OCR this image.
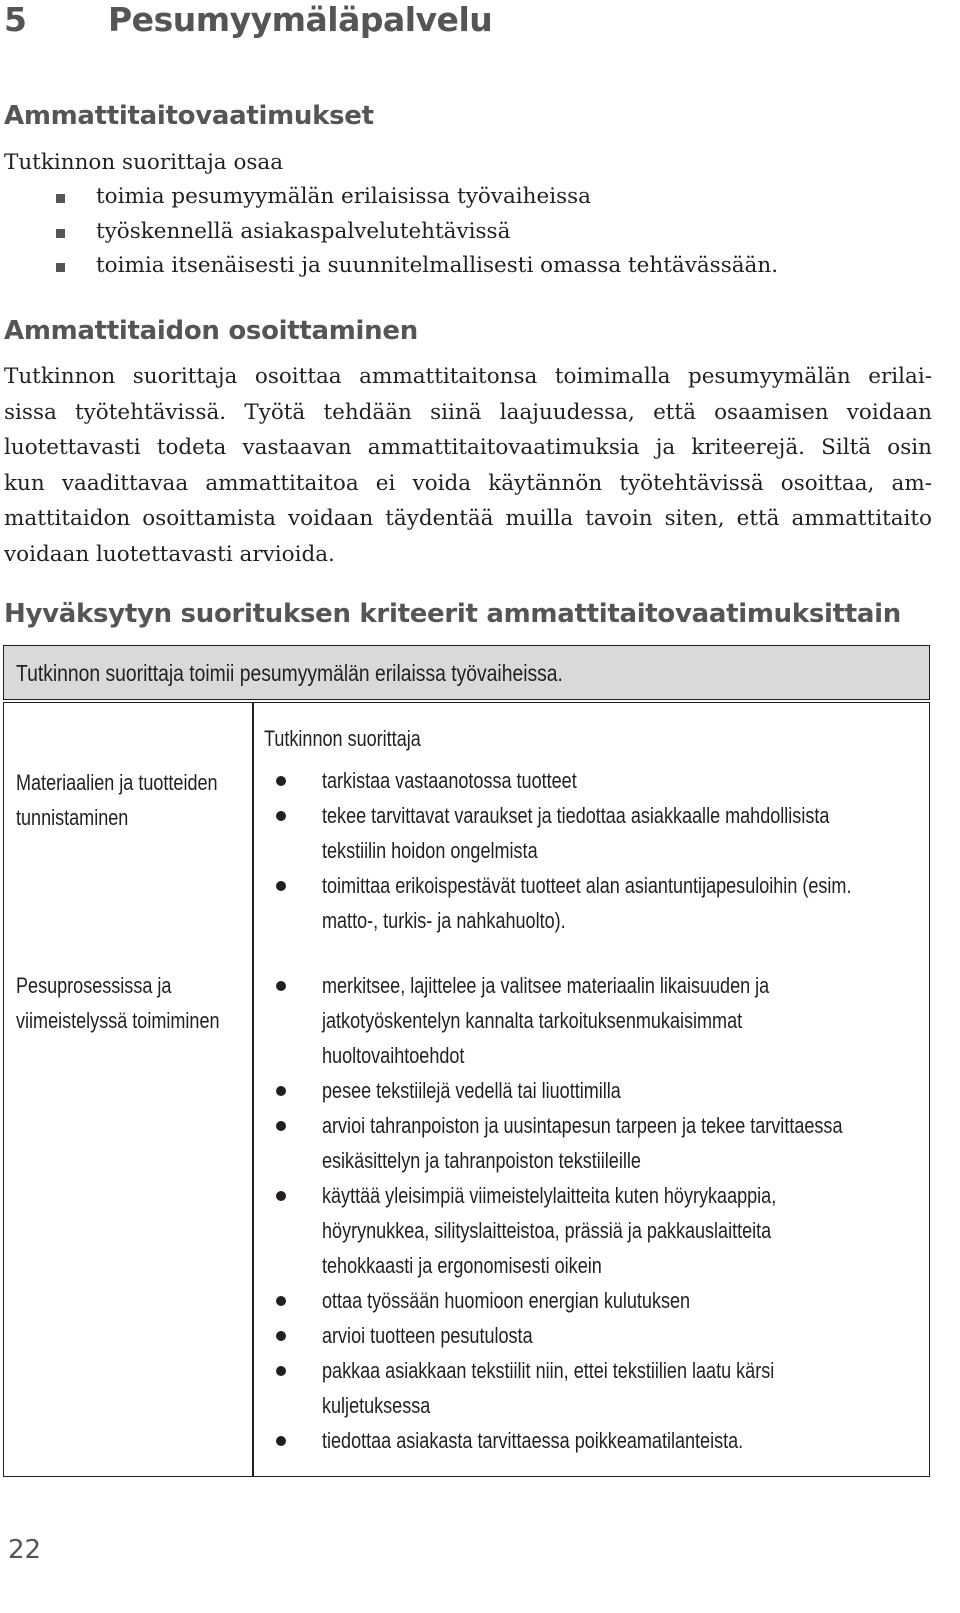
5 Pesumyymäläpalvelu
Ammattitaitovaatimukset
Tutkinnon suorittaja osaa
toimia pesumyymälän erilaisissa työvaiheissa
työskennellä asiakaspalvelutehtävissä
toimia itsenäisesti ja suunnitelmallisesti omassa tehtävässään.
Ammattitaidon osoittaminen
Tutkinnon suorittaja osoittaa ammattitaitonsa toimimalla pesumyymälän erilai-
sissa työtehtävissä. Työtä tehdään siinä laajuudessa, että osaamisen voidaan
luotettavasti todeta vastaavan ammattitaitovaatimuksia ja kriteerejä. Siltä osin
kun vaadittavaa ammattitaitoa ei voida käytännön työtehtävissä osoittaa, am-
mattitaidon osoittamista voidaan täydentää muilla tavoin siten, että ammattitaito
voidaan luotettavasti arvioida.
Hyväksytyn suorituksen kriteerit ammattitaitovaatimuksittain
Tutkinnon suorittaja toimii pesumyymälän erilaissa työvaiheissa.
Tutkinnon suorittaja
Materiaalien ja tuotteiden
tunnistaminen
tarkistaa vastaanotossa tuotteet
tekee tarvittavat varaukset ja tiedottaa asiakkaalle mahdollisista
tekstiilin hoidon ongelmista
toimittaa erikoispestävät tuotteet alan asiantuntijapesuloihin (esim.
matto-, turkis- ja nahkahuolto).
Pesuprosessissa ja
viimeistelyssä toimiminen
merkitsee, lajittelee ja valitsee materiaalin likaisuuden ja
jatkotyöskentelyn kannalta tarkoituksenmukaisimmat
huoltovaihtoehdot
pesee tekstiilejä vedellä tai liuottimilla
arvioi tahranpoiston ja uusintapesun tarpeen ja tekee tarvittaessa
esikäsittelyn ja tahranpoiston tekstiileille
käyttää yleisimpiä viimeistelylaitteita kuten höyrykaappia,
höyrynukkea, silityslaitteistoa, prässiä ja pakkauslaitteita
tehokkaasti ja ergonomisesti oikein
ottaa työssään huomioon energian kulutuksen
arvioi tuotteen pesutulosta
pakkaa asiakkaan tekstiilit niin, ettei tekstiilien laatu kärsi
kuljetuksessa
tiedottaa asiakasta tarvittaessa poikkeamatilanteista.
22
